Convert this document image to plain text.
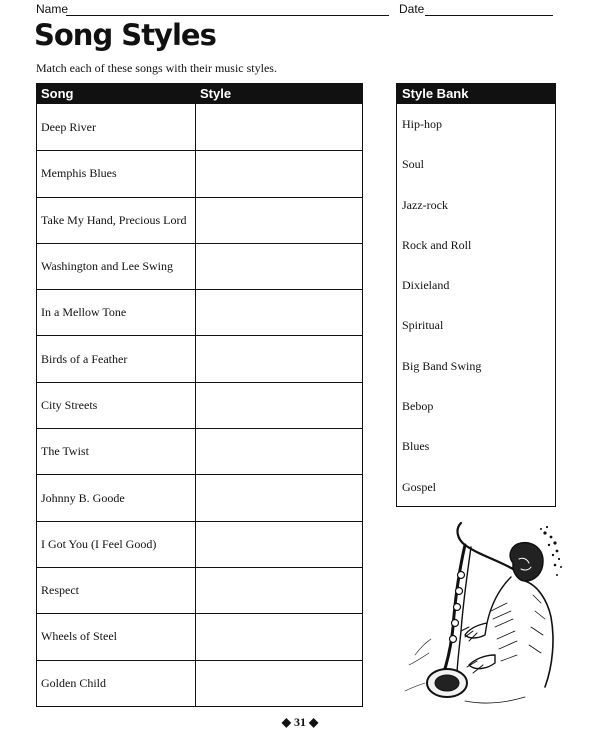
Name	Date
Song Styles
Match each of these songs with their music styles.
Song	Style
Deep River
Memphis Blues
Take My Hand, Precious Lord
Washington and Lee Swing
In a Mellow Tone
Birds of a Feather
City Streets
The Twist
Johnny B. Goode
I Got You (I Feel Good)
Respect
Wheels of Steel
Golden Child
Style Bank
Hip-hop
Soul
Jazz-rock
Rock and Roll
Dixieland
Spiritual
Big Band Swing
Bebop
Blues
Gospel
◆ 31 ◆
